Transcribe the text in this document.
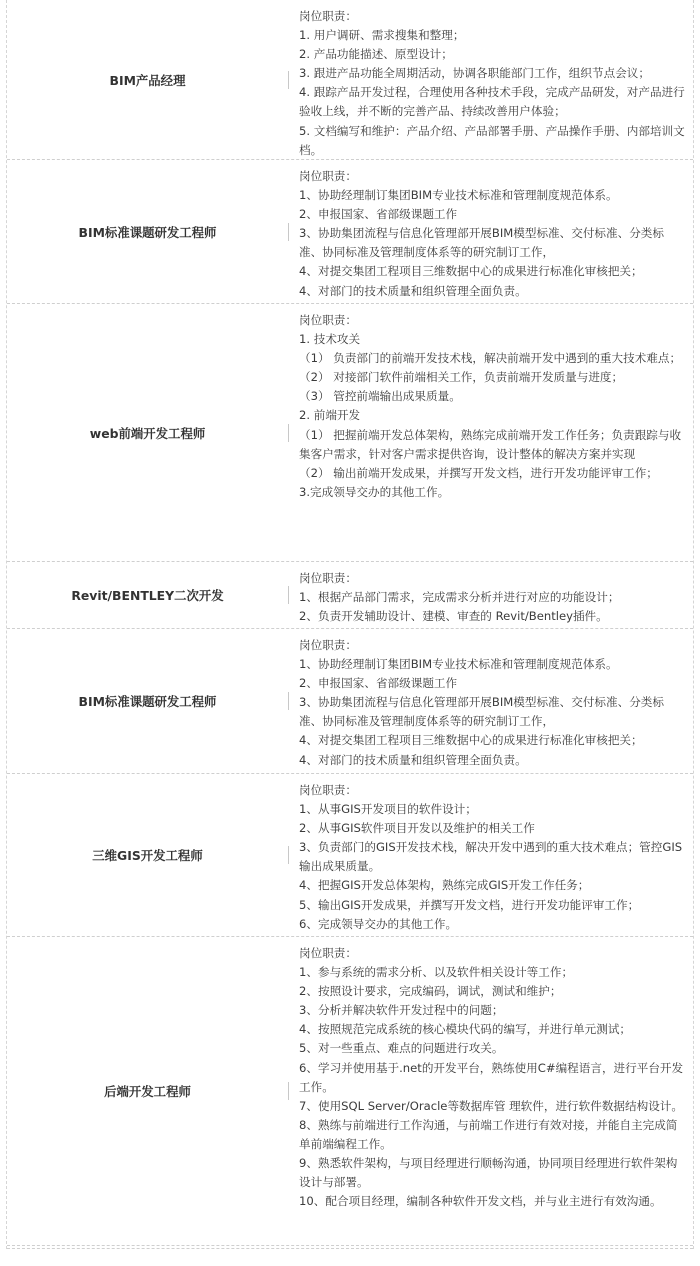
BIM产品经理
岗位职责：
1. 用户调研、需求搜集和整理；
2. 产品功能描述、原型设计；
3. 跟进产品功能全周期活动，协调各职能部门工作，组织节点会议；
4. 跟踪产品开发过程，合理使用各种技术手段，完成产品研发，对产品进行验收上线，并不断的完善产品、持续改善用户体验；
5. 文档编写和维护：产品介绍、产品部署手册、产品操作手册、内部培训文档。
BIM标准课题研发工程师
岗位职责：
1、协助经理制订集团BIM专业技术标准和管理制度规范体系。
2、申报国家、省部级课题工作
3、协助集团流程与信息化管理部开展BIM模型标准、交付标准、分类标准、协同标准及管理制度体系等的研究制订工作，
4、对提交集团工程项目三维数据中心的成果进行标准化审核把关；
4、对部门的技术质量和组织管理全面负责。
web前端开发工程师
岗位职责：
1. 技术攻关
（1） 负责部门的前端开发技术栈，解决前端开发中遇到的重大技术难点；
（2） 对接部门软件前端相关工作，负责前端开发质量与进度；
（3） 管控前端输出成果质量。
2. 前端开发
（1） 把握前端开发总体架构，熟练完成前端开发工作任务；负责跟踪与收集客户需求，针对客户需求提供咨询，设计整体的解决方案并实现
（2） 输出前端开发成果，并撰写开发文档，进行开发功能评审工作；
3.完成领导交办的其他工作。
Revit/BENTLEY二次开发
岗位职责：
1、根据产品部门需求，完成需求分析并进行对应的功能设计；
2、负责开发辅助设计、建模、审查的 Revit/Bentley插件。
BIM标准课题研发工程师
岗位职责：
1、协助经理制订集团BIM专业技术标准和管理制度规范体系。
2、申报国家、省部级课题工作
3、协助集团流程与信息化管理部开展BIM模型标准、交付标准、分类标准、协同标准及管理制度体系等的研究制订工作，
4、对提交集团工程项目三维数据中心的成果进行标准化审核把关；
4、对部门的技术质量和组织管理全面负责。
三维GIS开发工程师
岗位职责：
1、从事GIS开发项目的软件设计；
2、从事GIS软件项目开发以及维护的相关工作
3、负责部门的GIS开发技术栈，解决开发中遇到的重大技术难点；管控GIS输出成果质量。
4、把握GIS开发总体架构，熟练完成GIS开发工作任务；
5、输出GIS开发成果，并撰写开发文档，进行开发功能评审工作；
6、完成领导交办的其他工作。
后端开发工程师
岗位职责：
1、参与系统的需求分析、以及软件相关设计等工作；
2、按照设计要求，完成编码，调试，测试和维护；
3、分析并解决软件开发过程中的问题；
4、按照规范完成系统的核心模块代码的编写，并进行单元测试；
5、对一些重点、难点的问题进行攻关。
6、学习并使用基于.net的开发平台，熟练使用C#编程语言，进行平台开发工作。
7、使用SQL Server/Oracle等数据库管 理软件，进行软件数据结构设计。
8、熟练与前端进行工作沟通，与前端工作进行有效对接，并能自主完成简单前端编程工作。
9、熟悉软件架构，与项目经理进行顺畅沟通，协同项目经理进行软件架构设计与部署。
10、配合项目经理，编制各种软件开发文档，并与业主进行有效沟通。
